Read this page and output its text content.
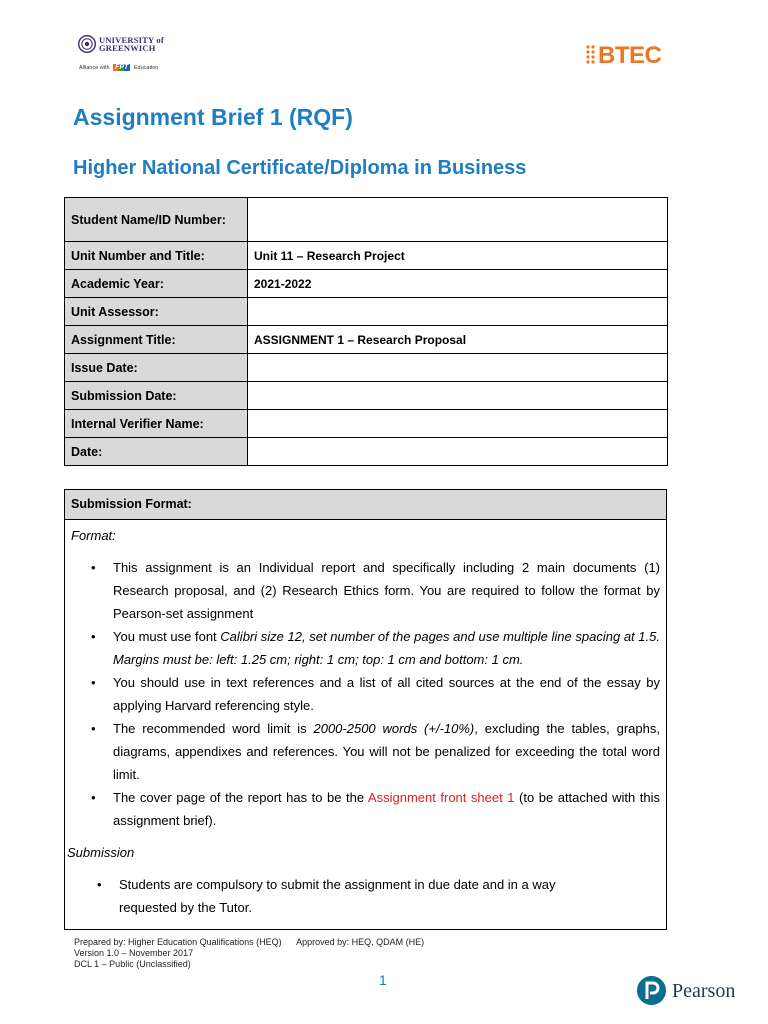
UNIVERSITY of
GREENWICH
Alliance with FPT Education	BTEC
Assignment Brief 1 (RQF)
Higher National Certificate/Diploma in Business
Student Name/ID Number:	
Unit Number and Title:	Unit 11 – Research Project
Academic Year:	2021-2022
Unit Assessor:	
Assignment Title:	ASSIGNMENT 1 – Research Proposal
Issue Date:	
Submission Date:	
Internal Verifier Name:	
Date:	
Submission Format:
Format:
• This assignment is an Individual report and specifically including 2 main documents (1) Research proposal, and (2) Research Ethics form. You are required to follow the format by Pearson-set assignment
• You must use font Calibri size 12, set number of the pages and use multiple line spacing at 1.5. Margins must be: left: 1.25 cm; right: 1 cm; top: 1 cm and bottom: 1 cm.
• You should use in text references and a list of all cited sources at the end of the essay by applying Harvard referencing style.
• The recommended word limit is 2000-2500 words (+/-10%), excluding the tables, graphs, diagrams, appendixes and references. You will not be penalized for exceeding the total word limit.
• The cover page of the report has to be the Assignment front sheet 1 (to be attached with this assignment brief).
Submission
• Students are compulsory to submit the assignment in due date and in a way requested by the Tutor.
Prepared by: Higher Education Qualifications (HEQ) Approved by: HEQ, QDAM (HE)
Version 1.0 – November 2017
DCL 1 – Public (Unclassified)
1	Pearson
